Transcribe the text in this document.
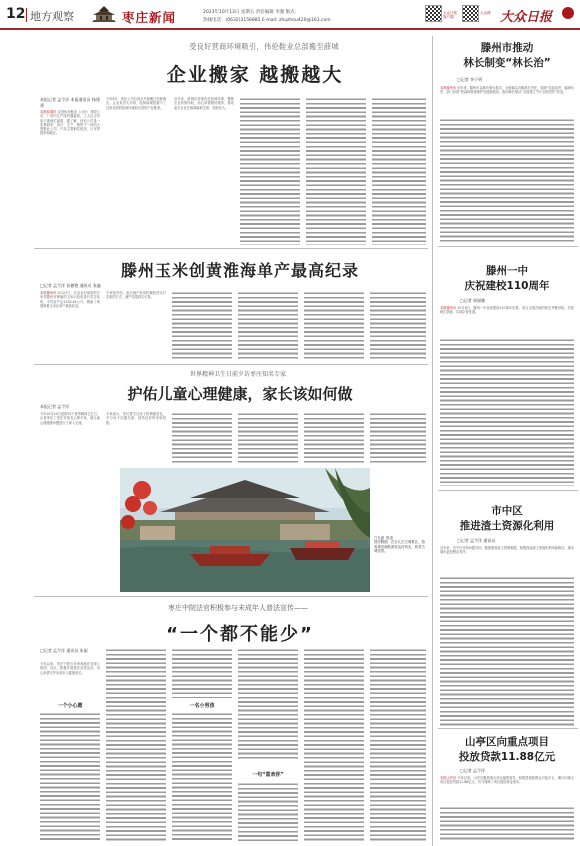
12 地方观察	枣庄新闻	2023年10月13日 星期五 责任编辑 李强 版式：
热线电话：(0632)3156885 E-mail: zhuzhou420@163.com
大众日报客户端
大众网 大众日报
受良好营商环境吸引，伟伦鞋业总部搬至薛城
企业搬家 越搬越大
本报记者 孟令洋 本报通讯员 杨建勇
本报薛城讯 走进伟伦鞋业（山东）有限公司，厂房内生产线机器轰鸣，工人们正有条不紊地忙碌着。据了解，伟伦公司是一家集研发、设计、生产、销售于一体的大型鞋业公司，产品主要销往欧美、日本等国家和地区。
今年8月，伟伦公司总部从外地搬迁至薛城区。企业负责人介绍，选择薛城是看中了这里优质的营商环境和完善的产业配套。
近年来，薛城区持续优化营商环境，聚焦企业所需所盼，用心用情做好服务，推动更多企业在薛城落地生根、发展壮大。
滕州市推动
林长制变“林长治”
□记者 李子明
本报滕州讯 近年来，滕州市以林长制为抓手，全面落实各级林长责任，构建“党政同责、属地负责、部门协同”的森林资源保护发展新格局，推动林长制从“全面建立”向“全面见效”转变。
滕州玉米创黄淮海单产最高纪录
□记者 孟令洋 孙德艳 通讯员 张鑫
本报滕州讯 9月27日，农业农村部组织专家对滕州市种植的玉米示范田进行实打验收，平均亩产达1150.45公斤，刷新了黄淮海夏玉米区单产最高纪录。
专家组介绍，此次测产采用机械收获实打实收的方式，测产结果真实可靠。
滕州一中
庆祝建校110周年
□记者 崔丽娜
本报滕州讯 10月8日，滕州一中迎来建校110周年庆典，来自全国各地的校友齐聚母校，共叙师生情谊，共谋学校发展。
世界精神卫生日前夕访枣庄知名专家
护佑儿童心理健康，家长该如何做
本报记者 孟令洋
今年10月10日是第32个世界精神卫生日，记者采访了枣庄市知名心理专家，就儿童心理健康问题进行了深入交流。
专家表示，家长要关注孩子的情绪变化，多与孩子沟通交流，营造良好的家庭氛围。
□孔湛  报道
国庆假期，在台儿庄古城景区，游客乘坐画舫游览运河风光，欣赏古城美景。
市中区
推进渣土资源化利用
□记者 孟令洋 通讯员
近年来，市中区坚持问题导向，聚焦建筑渣土管理难题，积极探索渣土资源化利用新路径，推动城市更加整洁有序。
枣庄中院法官积极参与未成年人普法宣传——
“一个都不能少”
□记者 孟令洋 通讯员 朱丽
今年以来，枣庄中院少年审判庭法官深入校园、社区，积极开展普法宣传活动，用心用情守护未成年人健康成长。
一个小心愿	一名小男孩
一句“喜欢你”
山亭区向重点项目
投放贷款11.88亿元
□记者 孟令洋
本报山亭讯 今年以来，山亭区聚焦重点项目融资需求，积极搭建政银企对接平台，累计向重点项目投放贷款11.88亿元，有力保障了项目建设资金需求。
